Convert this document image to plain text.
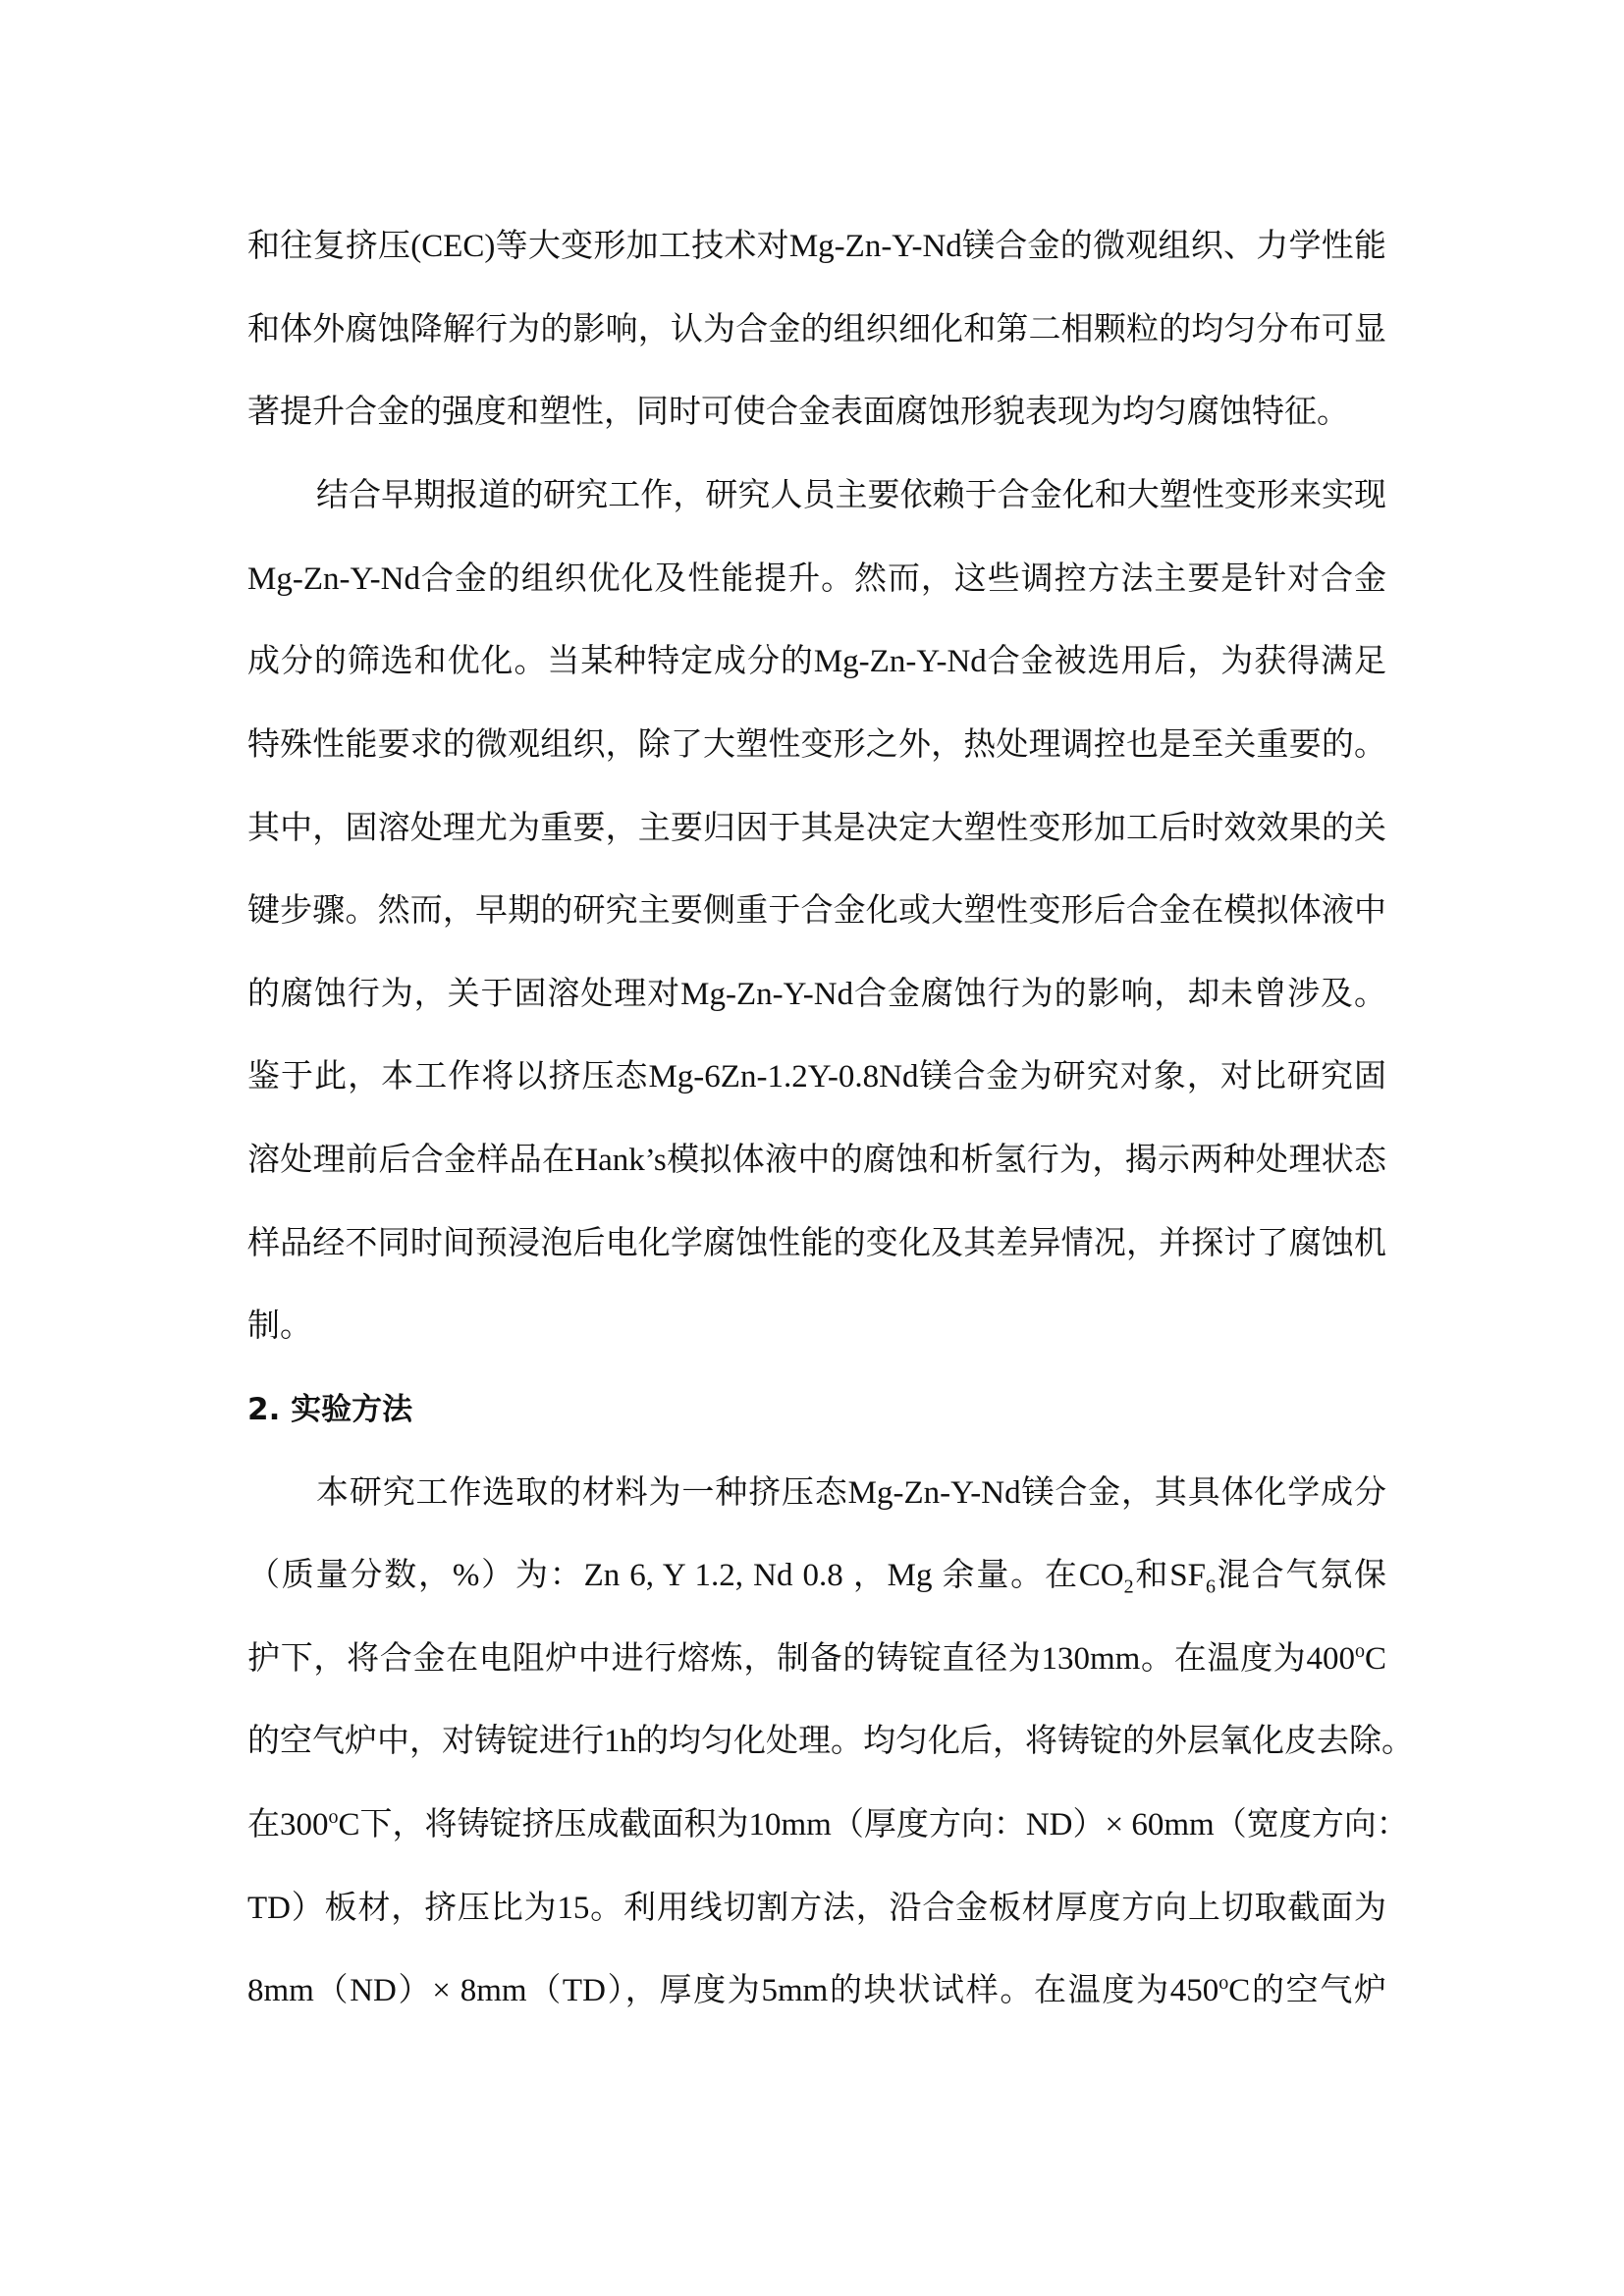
和往复挤压(CEC)等大变形加工技术对Mg-Zn-Y-Nd镁合金的微观组织、力学性能
和体外腐蚀降解行为的影响，认为合金的组织细化和第二相颗粒的均匀分布可显
著提升合金的强度和塑性，同时可使合金表面腐蚀形貌表现为均匀腐蚀特征。
结合早期报道的研究工作，研究人员主要依赖于合金化和大塑性变形来实现
Mg-Zn-Y-Nd合金的组织优化及性能提升。然而，这些调控方法主要是针对合金
成分的筛选和优化。当某种特定成分的Mg-Zn-Y-Nd合金被选用后，为获得满足
特殊性能要求的微观组织，除了大塑性变形之外，热处理调控也是至关重要的。
其中，固溶处理尤为重要，主要归因于其是决定大塑性变形加工后时效效果的关
键步骤。然而，早期的研究主要侧重于合金化或大塑性变形后合金在模拟体液中
的腐蚀行为，关于固溶处理对Mg-Zn-Y-Nd合金腐蚀行为的影响，却未曾涉及。
鉴于此，本工作将以挤压态Mg-6Zn-1.2Y-0.8Nd镁合金为研究对象，对比研究固
溶处理前后合金样品在Hank’s模拟体液中的腐蚀和析氢行为，揭示两种处理状态
样品经不同时间预浸泡后电化学腐蚀性能的变化及其差异情况，并探讨了腐蚀机
制。
2. 实验方法
本研究工作选取的材料为一种挤压态Mg-Zn-Y-Nd镁合金，其具体化学成分
（质量分数，%）为：Zn 6, Y 1.2, Nd 0.8 ，Mg 余量。在$CO_2$和$SF_6$混合气氛保
护下，将合金在电阻炉中进行熔炼，制备的铸锭直径为130mm。在温度为400$^o$C
的空气炉中，对铸锭进行1h的均匀化处理。均匀化后，将铸锭的外层氧化皮去除。
在300$^o$C下，将铸锭挤压成截面积为10mm（厚度方向：ND）× 60mm（宽度方向：
TD）板材，挤压比为15。利用线切割方法，沿合金板材厚度方向上切取截面为
8mm（ND）× 8mm（TD），厚度为5mm的块状试样。在温度为450$^o$C的空气炉
